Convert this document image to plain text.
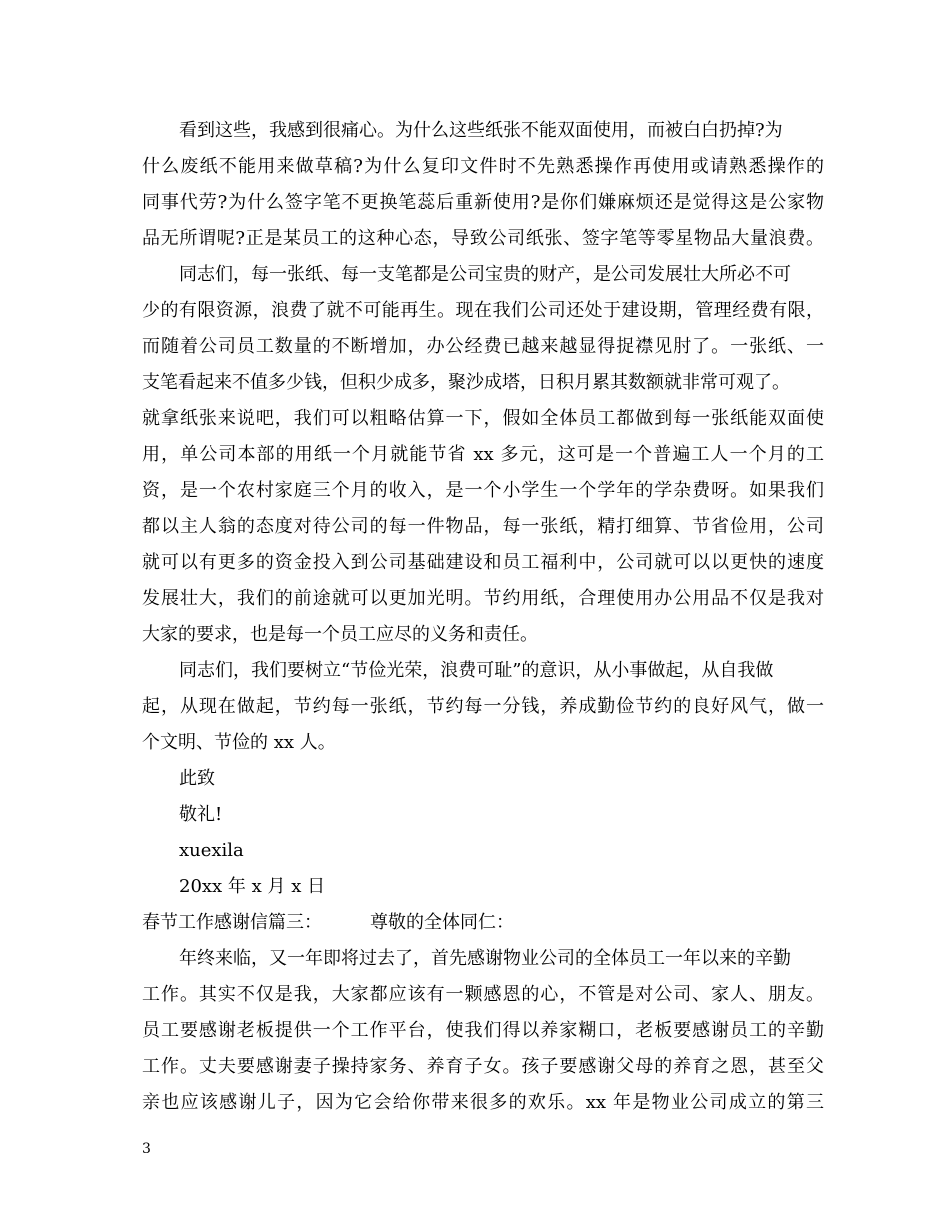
看到这些，我感到很痛心。为什么这些纸张不能双面使用，而被白白扔掉?为
什么废纸不能用来做草稿?为什么复印文件时不先熟悉操作再使用或请熟悉操作的
同事代劳?为什么签字笔不更换笔蕊后重新使用?是你们嫌麻烦还是觉得这是公家物
品无所谓呢?正是某员工的这种心态，导致公司纸张、签字笔等零星物品大量浪费。
同志们，每一张纸、每一支笔都是公司宝贵的财产，是公司发展壮大所必不可
少的有限资源，浪费了就不可能再生。现在我们公司还处于建设期，管理经费有限，
而随着公司员工数量的不断增加，办公经费已越来越显得捉襟见肘了。一张纸、一
支笔看起来不值多少钱，但积少成多，聚沙成塔，日积月累其数额就非常可观了。
就拿纸张来说吧，我们可以粗略估算一下，假如全体员工都做到每一张纸能双面使
用，单公司本部的用纸一个月就能节省 xx 多元，这可是一个普遍工人一个月的工
资，是一个农村家庭三个月的收入，是一个小学生一个学年的学杂费呀。如果我们
都以主人翁的态度对待公司的每一件物品，每一张纸，精打细算、节省俭用，公司
就可以有更多的资金投入到公司基础建设和员工福利中，公司就可以以更快的速度
发展壮大，我们的前途就可以更加光明。节约用纸，合理使用办公用品不仅是我对
大家的要求，也是每一个员工应尽的义务和责任。
同志们，我们要树立“节俭光荣，浪费可耻”的意识，从小事做起，从自我做
起，从现在做起，节约每一张纸，节约每一分钱，养成勤俭节约的良好风气，做一
个文明、节俭的 xx 人。
此致
敬礼!
xuexila
20xx 年 x 月 x 日
春节工作感谢信篇三：	尊敬的全体同仁：
年终来临，又一年即将过去了，首先感谢物业公司的全体员工一年以来的辛勤
工作。其实不仅是我，大家都应该有一颗感恩的心，不管是对公司、家人、朋友。
员工要感谢老板提供一个工作平台，使我们得以养家糊口，老板要感谢员工的辛勤
工作。丈夫要感谢妻子操持家务、养育子女。孩子要感谢父母的养育之恩，甚至父
亲也应该感谢儿子，因为它会给你带来很多的欢乐。xx 年是物业公司成立的第三
3
